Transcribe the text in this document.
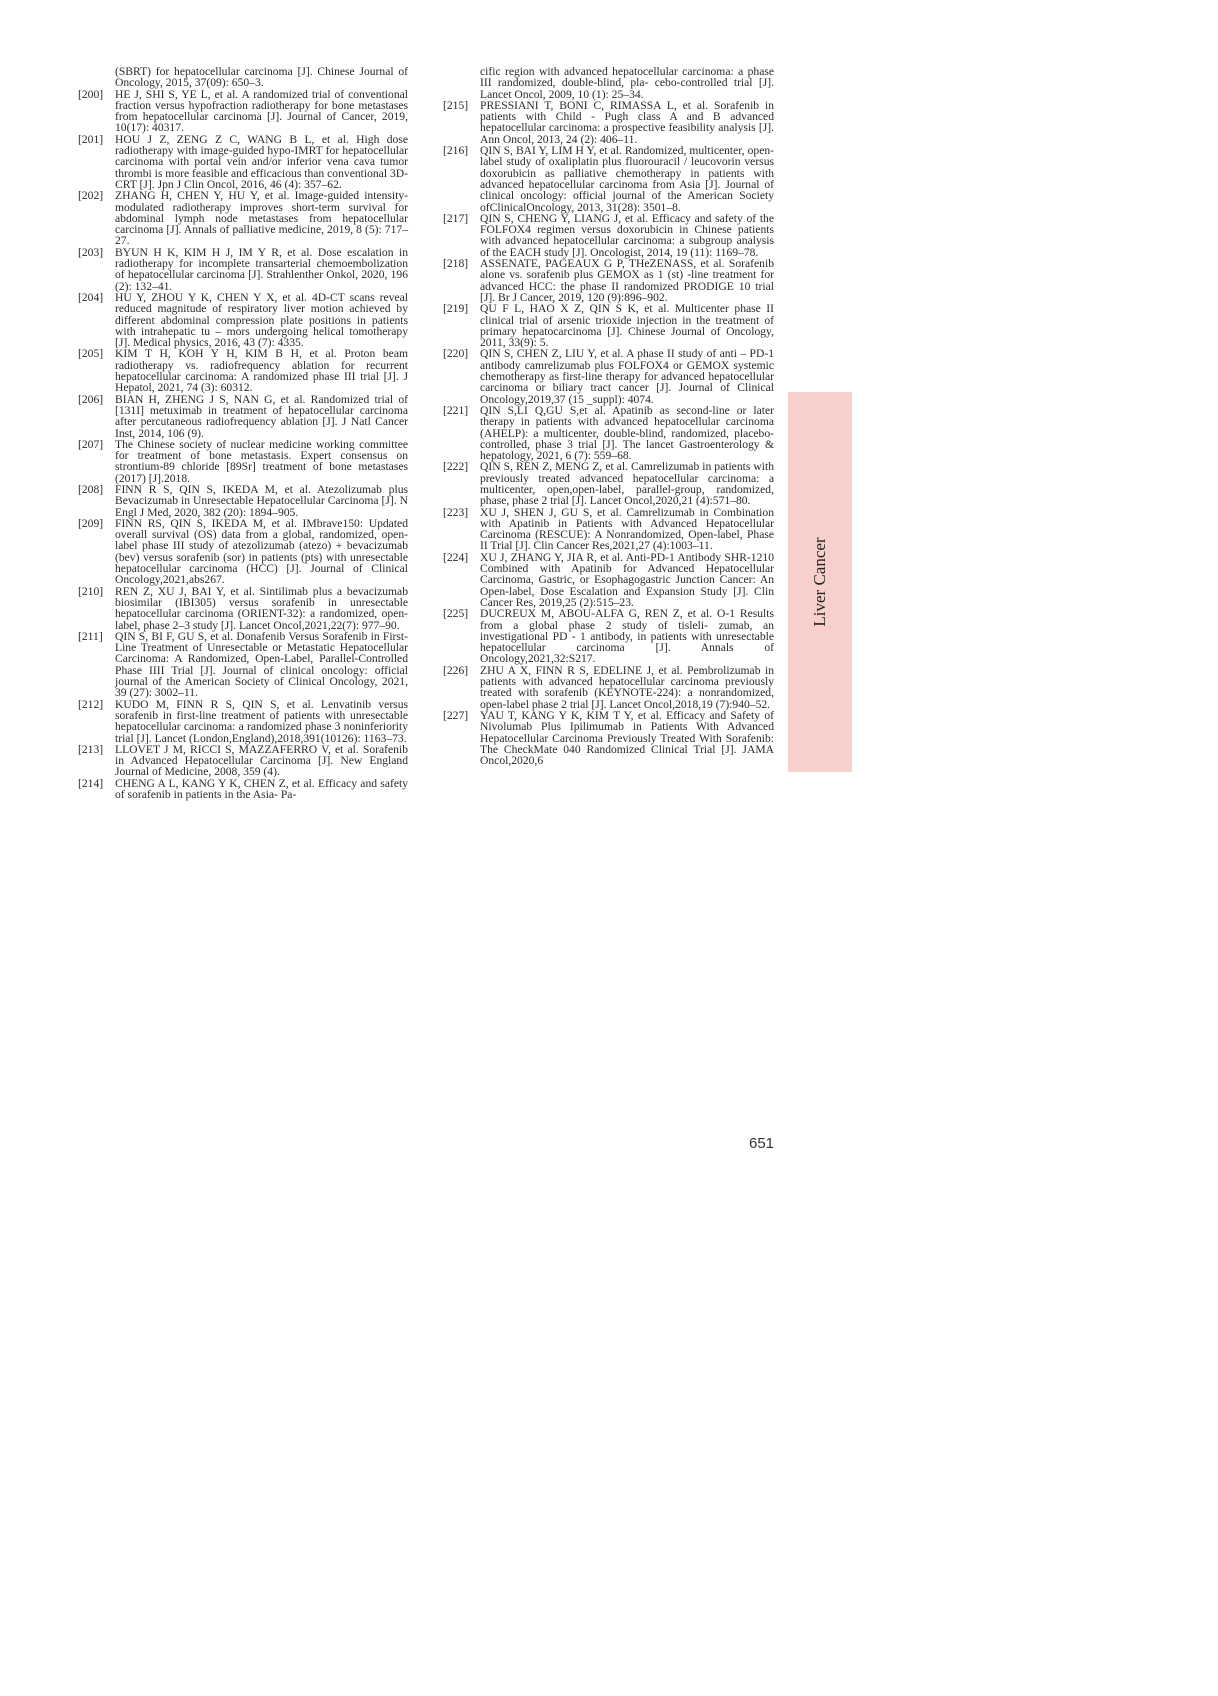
(SBRT) for hepatocellular carcinoma [J]. Chinese Journal of Oncology, 2015, 37(09): 650–3.

[200] HE J, SHI S, YE L, et al. A randomized trial of conventional fraction versus hypofraction radiotherapy for bone metastases from hepatocellular carcinoma [J]. Journal of Cancer, 2019, 10(17): 40317.

[201] HOU J Z, ZENG Z C, WANG B L, et al. High dose radiotherapy with image-guided hypo-IMRT for hepatocellular carcinoma with portal vein and/or inferior vena cava tumor thrombi is more feasible and efficacious than conventional 3D-CRT [J]. Jpn J Clin Oncol, 2016, 46 (4): 357–62.

[202] ZHANG H, CHEN Y, HU Y, et al. Image-guided intensity-modulated radiotherapy improves short-term survival for abdominal lymph node metastases from hepatocellular carcinoma [J]. Annals of palliative medicine, 2019, 8 (5): 717–27.

[203] BYUN H K, KIM H J, IM Y R, et al. Dose escalation in radiotherapy for incomplete transarterial chemoembolization of hepatocellular carcinoma [J]. Strahlenther Onkol, 2020, 196 (2): 132–41.

[204] HU Y, ZHOU Y K, CHEN Y X, et al. 4D-CT scans reveal reduced magnitude of respiratory liver motion achieved by different abdominal compression plate positions in patients with intrahepatic tu – mors undergoing helical tomotherapy [J]. Medical physics, 2016, 43 (7): 4335.

[205] KIM T H, KOH Y H, KIM B H, et al. Proton beam radiotherapy vs. radiofrequency ablation for recurrent hepatocellular carcinoma: A randomized phase III trial [J]. J Hepatol, 2021, 74 (3): 60312.

[206] BIAN H, ZHENG J S, NAN G, et al. Randomized trial of [131I] metuximab in treatment of hepatocellular carcinoma after percutaneous radiofrequency ablation [J]. J Natl Cancer Inst, 2014, 106 (9).

[207] The Chinese society of nuclear medicine working committee for treatment of bone metastasis. Expert consensus on strontium-89 chloride [89Sr] treatment of bone metastases (2017) [J].2018.

[208] FINN R S, QIN S, IKEDA M, et al. Atezolizumab plus Bevacizumab in Unresectable Hepatocellular Carcinoma [J]. N Engl J Med, 2020, 382 (20): 1894–905.

[209] FINN RS, QIN S, IKEDA M, et al. IMbrave150: Updated overall survival (OS) data from a global, randomized, open-label phase III study of atezolizumab (atezo) + bevacizumab (bev) versus sorafenib (sor) in patients (pts) with unresectable hepatocellular carcinoma (HCC) [J]. Journal of Clinical Oncology,2021,abs267.

[210] REN Z, XU J, BAI Y, et al. Sintilimab plus a bevacizumab biosimilar (IBI305) versus sorafenib in unresectable hepatocellular carcinoma (ORIENT-32): a randomized, open-label, phase 2–3 study [J]. Lancet Oncol,2021,22(7): 977–90.

[211] QIN S, BI F, GU S, et al. Donafenib Versus Sorafenib in First-Line Treatment of Unresectable or Metastatic Hepatocellular Carcinoma: A Randomized, Open-Label, Parallel-Controlled Phase IIII Trial [J]. Journal of clinical oncology: official journal of the American Society of Clinical Oncology, 2021, 39 (27): 3002–11.

[212] KUDO M, FINN R S, QIN S, et al. Lenvatinib versus sorafenib in first-line treatment of patients with unresectable hepatocellular carcinoma: a randomized phase 3 noninferiority trial [J]. Lancet (London,England),2018,391(10126): 1163–73.

[213] LLOVET J M, RICCI S, MAZZAFERRO V, et al. Sorafenib in Advanced Hepatocellular Carcinoma [J]. New England Journal of Medicine, 2008, 359 (4).

[214] CHENG A L, KANG Y K, CHEN Z, et al. Efficacy and safety of sorafenib in patients in the Asia- Pa-

cific region with advanced hepatocellular carcinoma: a phase III randomized, double-blind, pla- cebo-controlled trial [J]. Lancet Oncol, 2009, 10 (1): 25–34.

[215] PRESSIANI T, BONI C, RIMASSA L, et al. Sorafenib in patients with Child - Pugh class A and B advanced hepatocellular carcinoma: a prospective feasibility analysis [J]. Ann Oncol, 2013, 24 (2): 406–11.

[216] QIN S, BAI Y, LIM H Y, et al. Randomized, multicenter, open-label study of oxaliplatin plus fluorouracil / leucovorin versus doxorubicin as palliative chemotherapy in patients with advanced hepatocellular carcinoma from Asia [J]. Journal of clinical oncology: official journal of the American Society ofClinicalOncology, 2013, 31(28): 3501–8.

[217] QIN S, CHENG Y, LIANG J, et al. Efficacy and safety of the FOLFOX4 regimen versus doxorubicin in Chinese patients with advanced hepatocellular carcinoma: a subgroup analysis of the EACH study [J]. Oncologist, 2014, 19 (11): 1169–78.

[218] ASSENATE, PAGEAUX G P, THeZENASS, et al. Sorafenib alone vs. sorafenib plus GEMOX as 1 (st) -line treatment for advanced HCC: the phase II randomized PRODIGE 10 trial [J]. Br J Cancer, 2019, 120 (9):896–902.

[219] QU F L, HAO X Z, QIN S K, et al. Multicenter phase II clinical trial of arsenic trioxide injection in the treatment of primary hepatocarcinoma [J]. Chinese Journal of Oncology, 2011, 33(9): 5.

[220] QIN S, CHEN Z, LIU Y, et al. A phase II study of anti – PD-1 antibody camrelizumab plus FOLFOX4 or GEMOX systemic chemotherapy as first-line therapy for advanced hepatocellular carcinoma or biliary tract cancer [J]. Journal of Clinical Oncology,2019,37 (15 _suppl): 4074.

[221] QIN S,LI Q,GU S,et al. Apatinib as second-line or later therapy in patients with advanced hepatocellular carcinoma (AHELP): a multicenter, double-blind, randomized, placebo-controlled, phase 3 trial [J]. The lancet Gastroenterology & hepatology, 2021, 6 (7): 559–68.

[222] QIN S, REN Z, MENG Z, et al. Camrelizumab in patients with previously treated advanced hepatocellular carcinoma: a multicenter, open,open-label, parallel-group, randomized, phase, phase 2 trial [J]. Lancet Oncol,2020,21 (4):571–80.

[223] XU J, SHEN J, GU S, et al. Camrelizumab in Combination with Apatinib in Patients with Advanced Hepatocellular Carcinoma (RESCUE): A Nonrandomized, Open-label, Phase II Trial [J]. Clin Cancer Res,2021,27 (4):1003–11.

[224] XU J, ZHANG Y, JIA R, et al. Anti-PD-1 Antibody SHR-1210 Combined with Apatinib for Advanced Hepatocellular Carcinoma, Gastric, or Esophagogastric Junction Cancer: An Open-label, Dose Escalation and Expansion Study [J]. Clin Cancer Res, 2019,25 (2):515–23.

[225] DUCREUX M, ABOU-ALFA G, REN Z, et al. O-1 Results from a global phase 2 study of tisleli- zumab, an investigational PD - 1 antibody, in patients with unresectable hepatocellular carcinoma [J]. Annals of Oncology,2021,32:S217.

[226] ZHU A X, FINN R S, EDELINE J, et al. Pembrolizumab in patients with advanced hepatocellular carcinoma previously treated with sorafenib (KEYNOTE-224): a nonrandomized, open-label phase 2 trial [J]. Lancet Oncol,2018,19 (7):940–52.

[227] YAU T, KANG Y K, KIM T Y, et al. Efficacy and Safety of Nivolumab Plus Ipilimumab in Patients With Advanced Hepatocellular Carcinoma Previously Treated With Sorafenib: The CheckMate 040 Randomized Clinical Trial [J]. JAMA Oncol,2020,6

Liver Cancer
651
